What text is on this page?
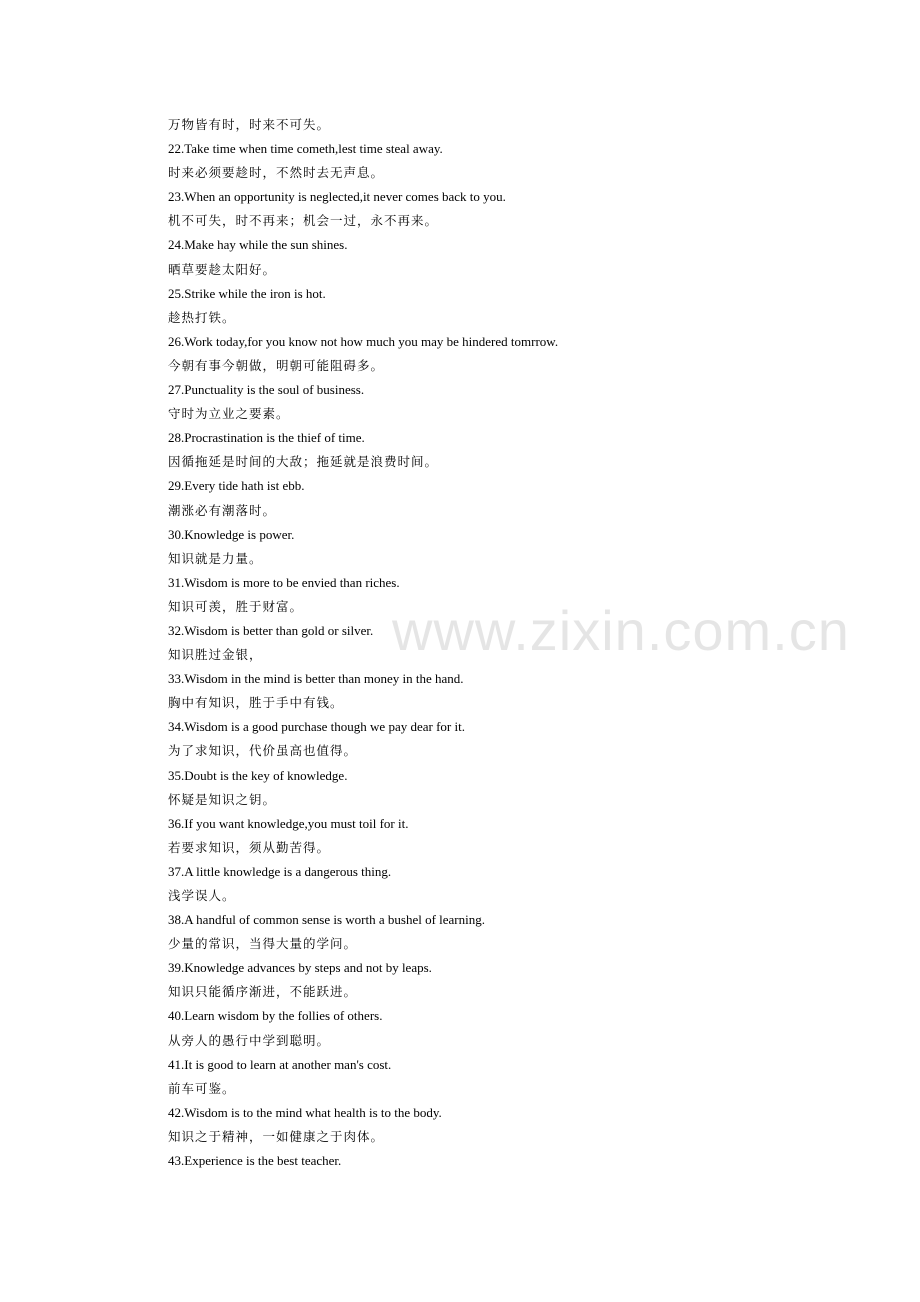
万物皆有时，时来不可失。
22.Take time when time cometh,lest time steal away.
时来必须要趁时，不然时去无声息。
23.When an opportunity is neglected,it never comes back to you.
机不可失，时不再来；机会一过，永不再来。
24.Make hay while the sun shines.
晒草要趁太阳好。
25.Strike while the iron is hot.
趁热打铁。
26.Work today,for you know not how much you may be hindered tomrrow.
今朝有事今朝做，明朝可能阻碍多。
27.Punctuality is the soul of business.
守时为立业之要素。
28.Procrastination is the thief of time.
因循拖延是时间的大敌；拖延就是浪费时间。
29.Every tide hath ist ebb.
潮涨必有潮落时。
30.Knowledge is power.
知识就是力量。
31.Wisdom is more to be envied than riches.
知识可羡，胜于财富。
32.Wisdom is better than gold or silver.
知识胜过金银，
33.Wisdom in the mind is better than money in the hand.
胸中有知识，胜于手中有钱。
34.Wisdom is a good purchase though we pay dear for it.
为了求知识，代价虽高也值得。
35.Doubt is the key of knowledge.
怀疑是知识之钥。
36.If you want knowledge,you must toil for it.
若要求知识，须从勤苦得。
37.A little knowledge is a dangerous thing.
浅学误人。
38.A handful of common sense is worth a bushel of learning.
少量的常识，当得大量的学问。
39.Knowledge advances by steps and not by leaps.
知识只能循序渐进，不能跃进。
40.Learn wisdom by the follies of others.
从旁人的愚行中学到聪明。
41.It is good to learn at another man's cost.
前车可鉴。
42.Wisdom is to the mind what health is to the body.
知识之于精神，一如健康之于肉体。
43.Experience is the best teacher.
www.zixin.com.cn
